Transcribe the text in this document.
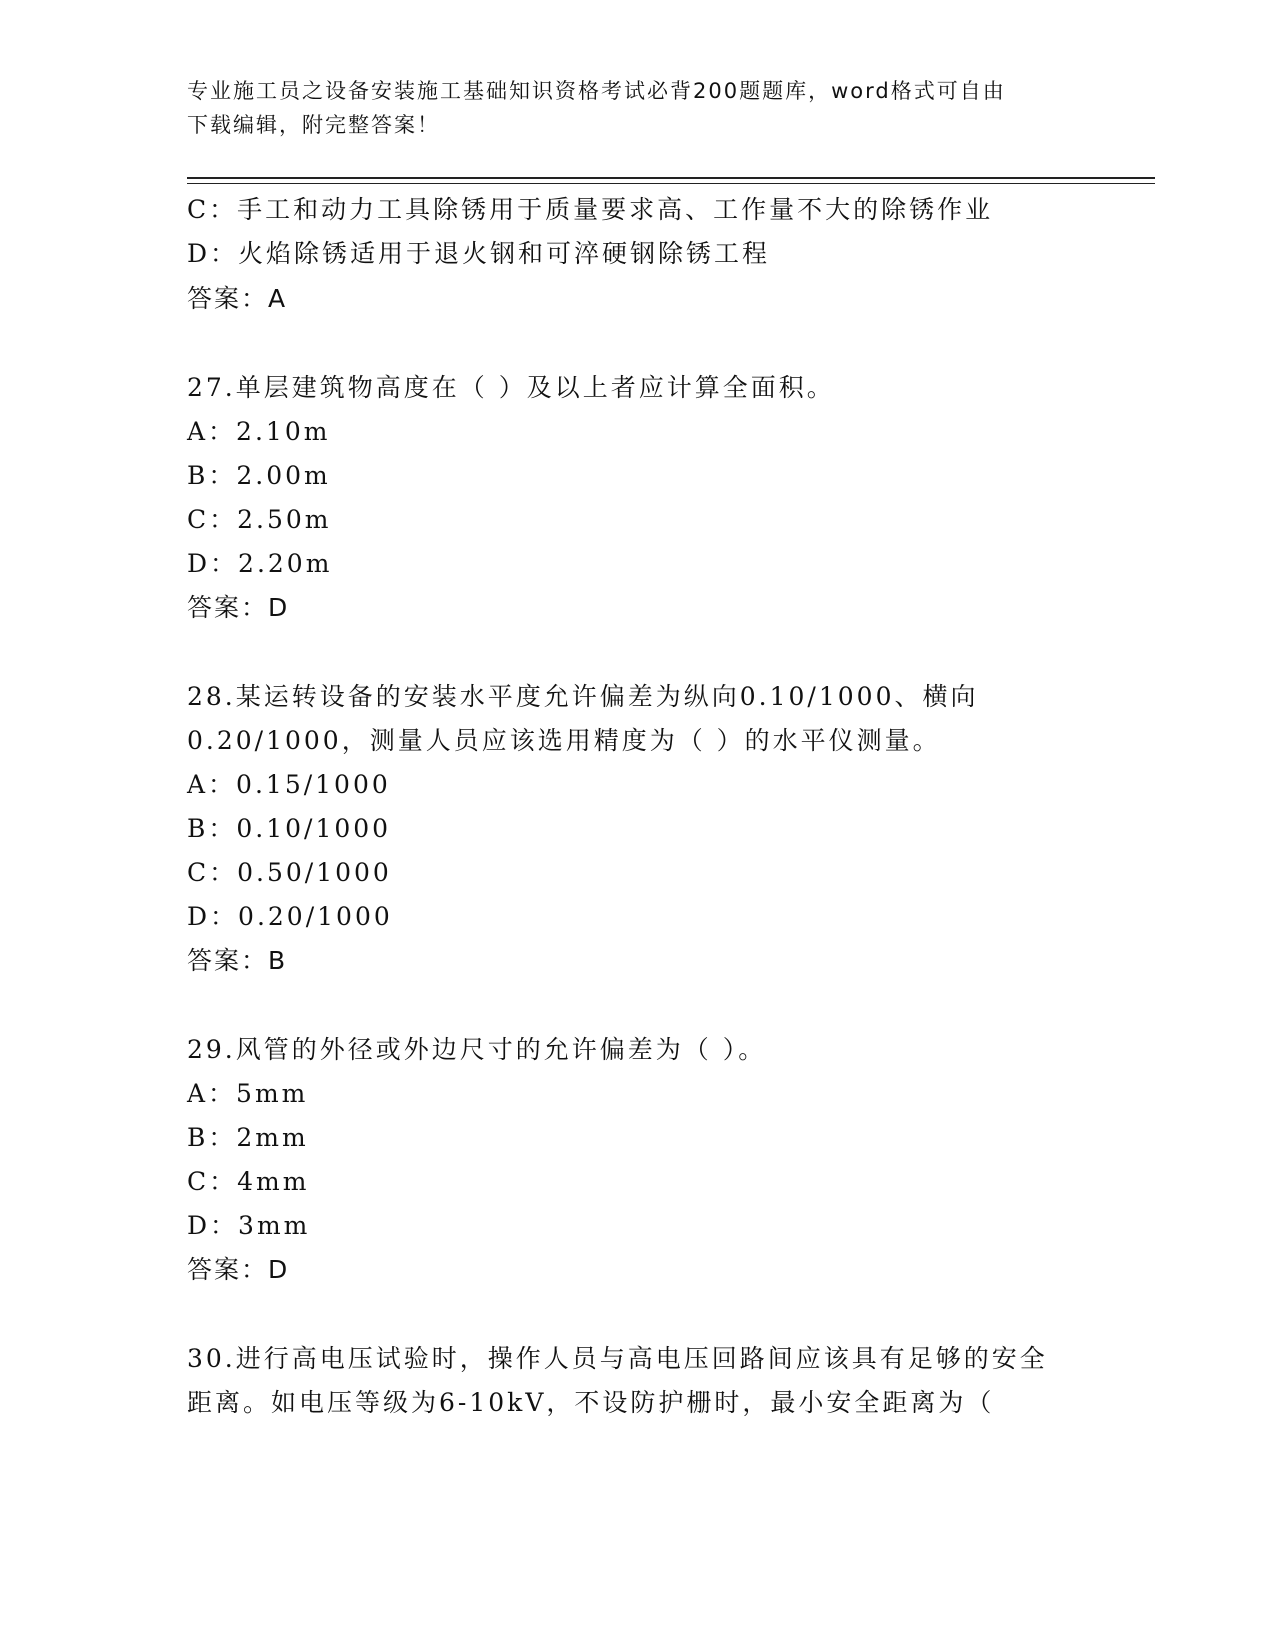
专业施工员之设备安装施工基础知识资格考试必背200题题库，word格式可自由
下载编辑，附完整答案！
C：手工和动力工具除锈用于质量要求高、工作量不大的除锈作业
D：火焰除锈适用于退火钢和可淬硬钢除锈工程
答案：A
27.单层建筑物高度在（ ）及以上者应计算全面积。
A：2.10m
B：2.00m
C：2.50m
D：2.20m
答案：D
28.某运转设备的安装水平度允许偏差为纵向0.10/1000、横向
0.20/1000，测量人员应该选用精度为（ ）的水平仪测量。
A：0.15/1000
B：0.10/1000
C：0.50/1000
D：0.20/1000
答案：B
29.风管的外径或外边尺寸的允许偏差为（ ）。
A：5mm
B：2mm
C：4mm
D：3mm
答案：D
30.进行高电压试验时，操作人员与高电压回路间应该具有足够的安全
距离。如电压等级为6-10kV，不设防护栅时，最小安全距离为（
